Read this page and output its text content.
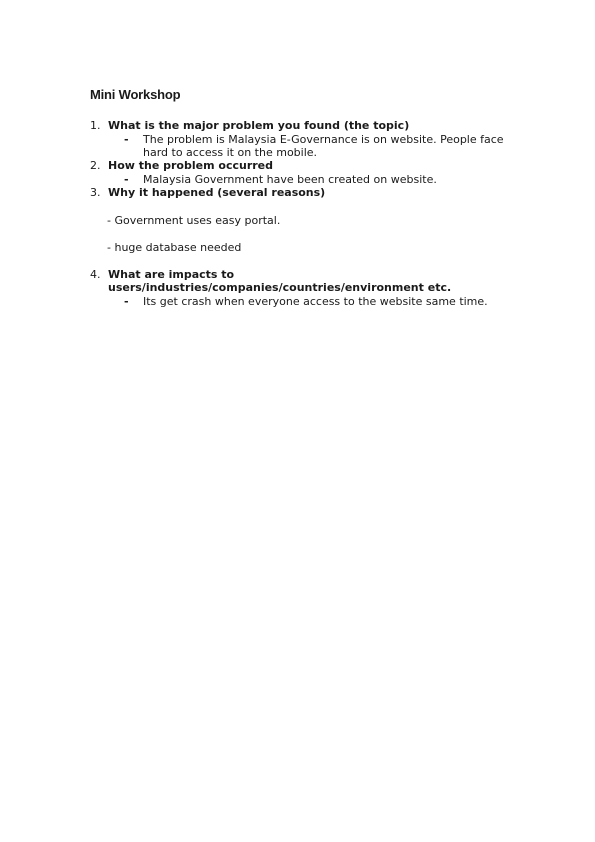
Mini Workshop
1. What is the major problem you found (the topic)
- The problem is Malaysia E-Governance is on website. People face hard to access it on the mobile.
2. How the problem occurred
- Malaysia Government have been created on website.
3. Why it happened (several reasons)
- Government uses easy portal.
- huge database needed
4. What are impacts to
users/industries/companies/countries/environment etc.
- Its get crash when everyone access to the website same time.
